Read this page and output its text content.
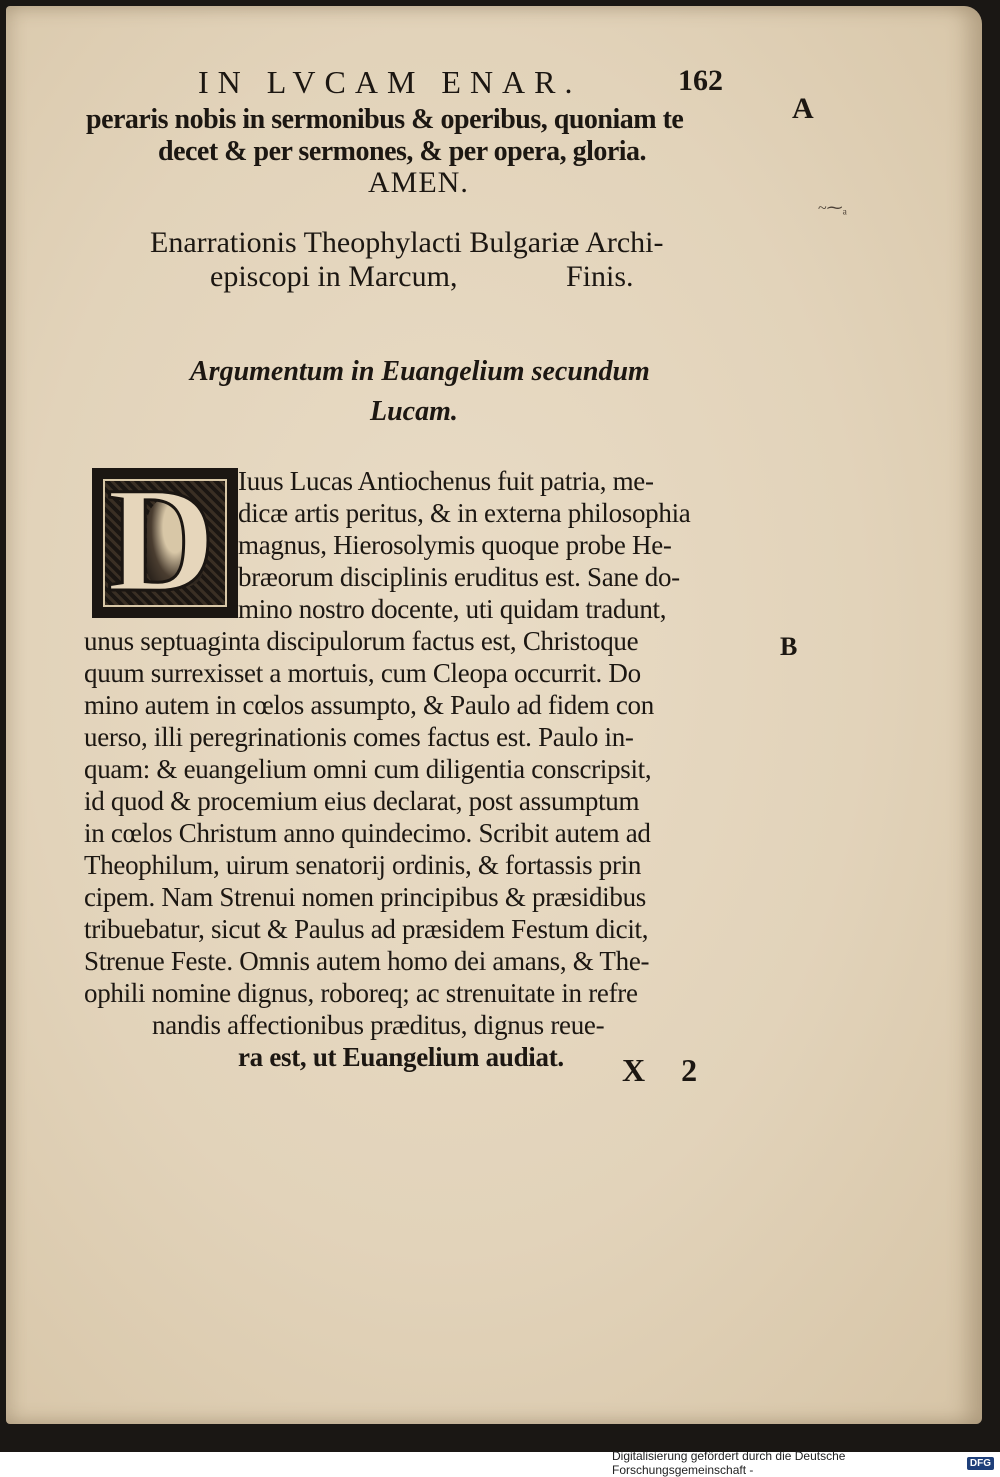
IN LVCAM ENAR.	162
A
peraris nobis in sermonibus & operibus, quoniam te
decet & per sermones, & per opera, gloria.
AMEN.
~⁓ₐ
Enarrationis Theophylacti Bulgariæ Archi-
episcopi in Marcum,	Finis.
Argumentum in Euangelium secundum
Lucam.
D Iuus Lucas Antiochenus fuit patria, me-
dicæ artis peritus, & in externa philosophia
magnus, Hierosolymis quoque probe He-
bræorum disciplinis eruditus est. Sane do-
mino nostro docente, uti quidam tradunt,
unus septuaginta discipulorum factus est, Christoque	B
quum surrexisset a mortuis, cum Cleopa occurrit. Do
mino autem in cœlos assumpto, & Paulo ad fidem con
uerso, illi peregrinationis comes factus est. Paulo in-
quam: & euangelium omni cum diligentia conscripsit,
id quod & procemium eius declarat, post assumptum
in cœlos Christum anno quindecimo. Scribit autem ad
Theophilum, uirum senatorij ordinis, & fortassis prin
cipem. Nam Strenui nomen principibus & præsidibus
tribuebatur, sicut & Paulus ad præsidem Festum dicit,
Strenue Feste. Omnis autem homo dei amans, & The-
ophili nomine dignus, roboreq; ac strenuitate in refre
nandis affectionibus præditus, dignus reue-
ra est, ut Euangelium audiat. X 2
Digitalisierung gefördert durch die Deutsche Forschungsgemeinschaft -	DFG
